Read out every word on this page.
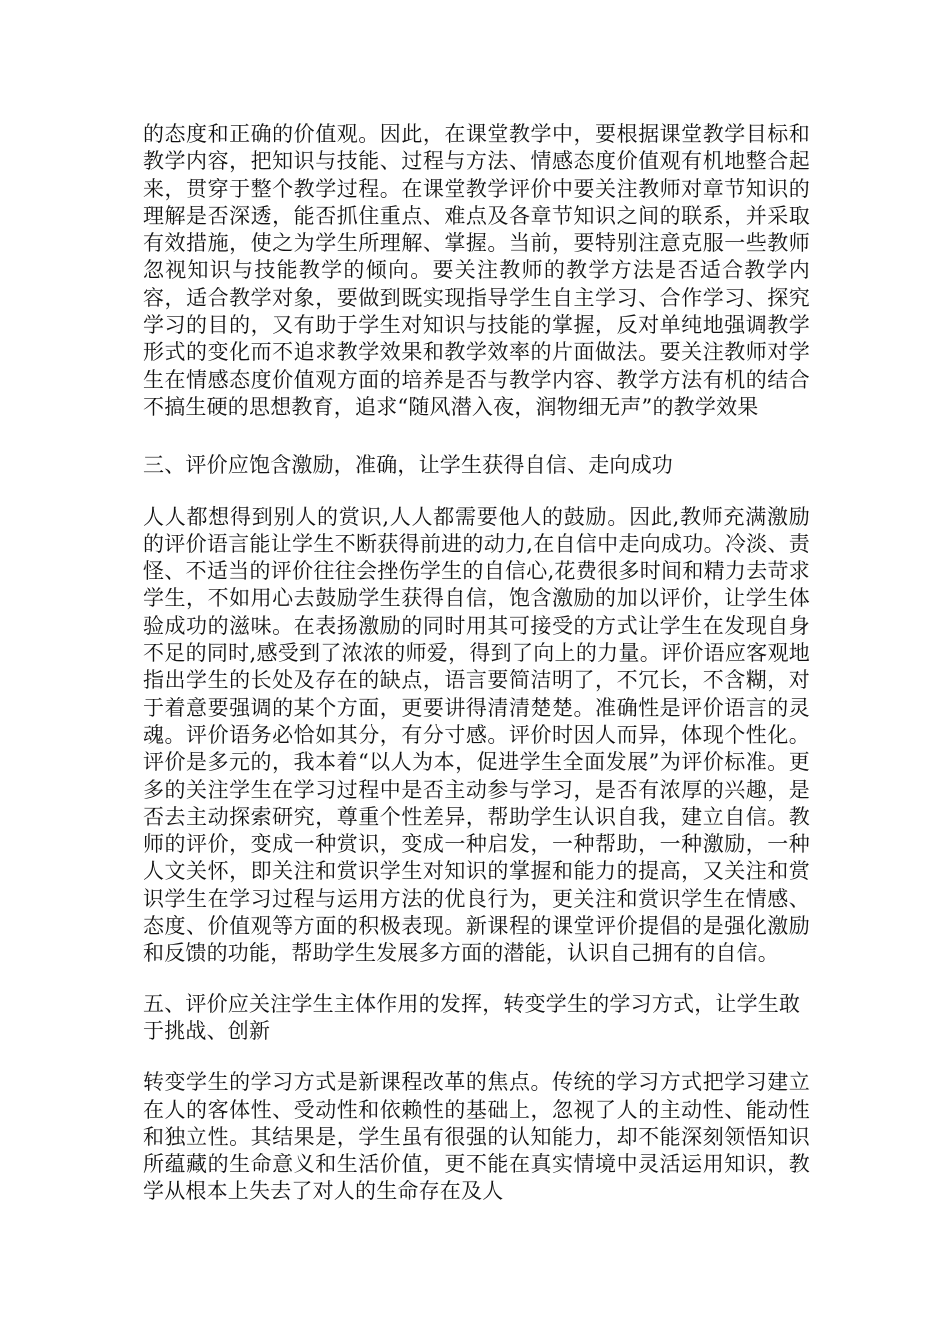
的态度和正确的价值观。因此，在课堂教学中，要根据课堂教学目标和教学内容，把知识与技能、过程与方法、情感态度价值观有机地整合起来，贯穿于整个教学过程。在课堂教学评价中要关注教师对章节知识的理解是否深透，能否抓住重点、难点及各章节知识之间的联系，并采取有效措施，使之为学生所理解、掌握。当前，要特别注意克服一些教师忽视知识与技能教学的倾向。要关注教师的教学方法是否适合教学内容，适合教学对象，要做到既实现指导学生自主学习、合作学习、探究学习的目的，又有助于学生对知识与技能的掌握，反对单纯地强调教学形式的变化而不追求教学效果和教学效率的片面做法。要关注教师对学生在情感态度价值观方面的培养是否与教学内容、教学方法有机的结合不搞生硬的思想教育，追求“随风潜入夜，润物细无声”的教学效果

三、评价应饱含激励，准确，让学生获得自信、走向成功

人人都想得到别人的赏识,人人都需要他人的鼓励。因此,教师充满激励的评价语言能让学生不断获得前进的动力,在自信中走向成功。冷淡、责怪、不适当的评价往往会挫伤学生的自信心,花费很多时间和精力去苛求学生，不如用心去鼓励学生获得自信，饱含激励的加以评价，让学生体验成功的滋味。在表扬激励的同时用其可接受的方式让学生在发现自身不足的同时,感受到了浓浓的师爱，得到了向上的力量。评价语应客观地指出学生的长处及存在的缺点，语言要简洁明了，不冗长，不含糊，对于着意要强调的某个方面，更要讲得清清楚楚。准确性是评价语言的灵魂。评价语务必恰如其分，有分寸感。评价时因人而异，体现个性化。评价是多元的，我本着“以人为本，促进学生全面发展”为评价标准。更多的关注学生在学习过程中是否主动参与学习，是否有浓厚的兴趣，是否去主动探索研究，尊重个性差异，帮助学生认识自我，建立自信。教师的评价，变成一种赏识，变成一种启发，一种帮助，一种激励，一种人文关怀，即关注和赏识学生对知识的掌握和能力的提高，又关注和赏识学生在学习过程与运用方法的优良行为，更关注和赏识学生在情感、态度、价值观等方面的积极表现。新课程的课堂评价提倡的是强化激励和反馈的功能，帮助学生发展多方面的潜能，认识自己拥有的自信。

五、评价应关注学生主体作用的发挥，转变学生的学习方式，让学生敢于挑战、创新

转变学生的学习方式是新课程改革的焦点。传统的学习方式把学习建立在人的客体性、受动性和依赖性的基础上，忽视了人的主动性、能动性和独立性。其结果是，学生虽有很强的认知能力，却不能深刻领悟知识所蕴藏的生命意义和生活价值，更不能在真实情境中灵活运用知识，教学从根本上失去了对人的生命存在及人
